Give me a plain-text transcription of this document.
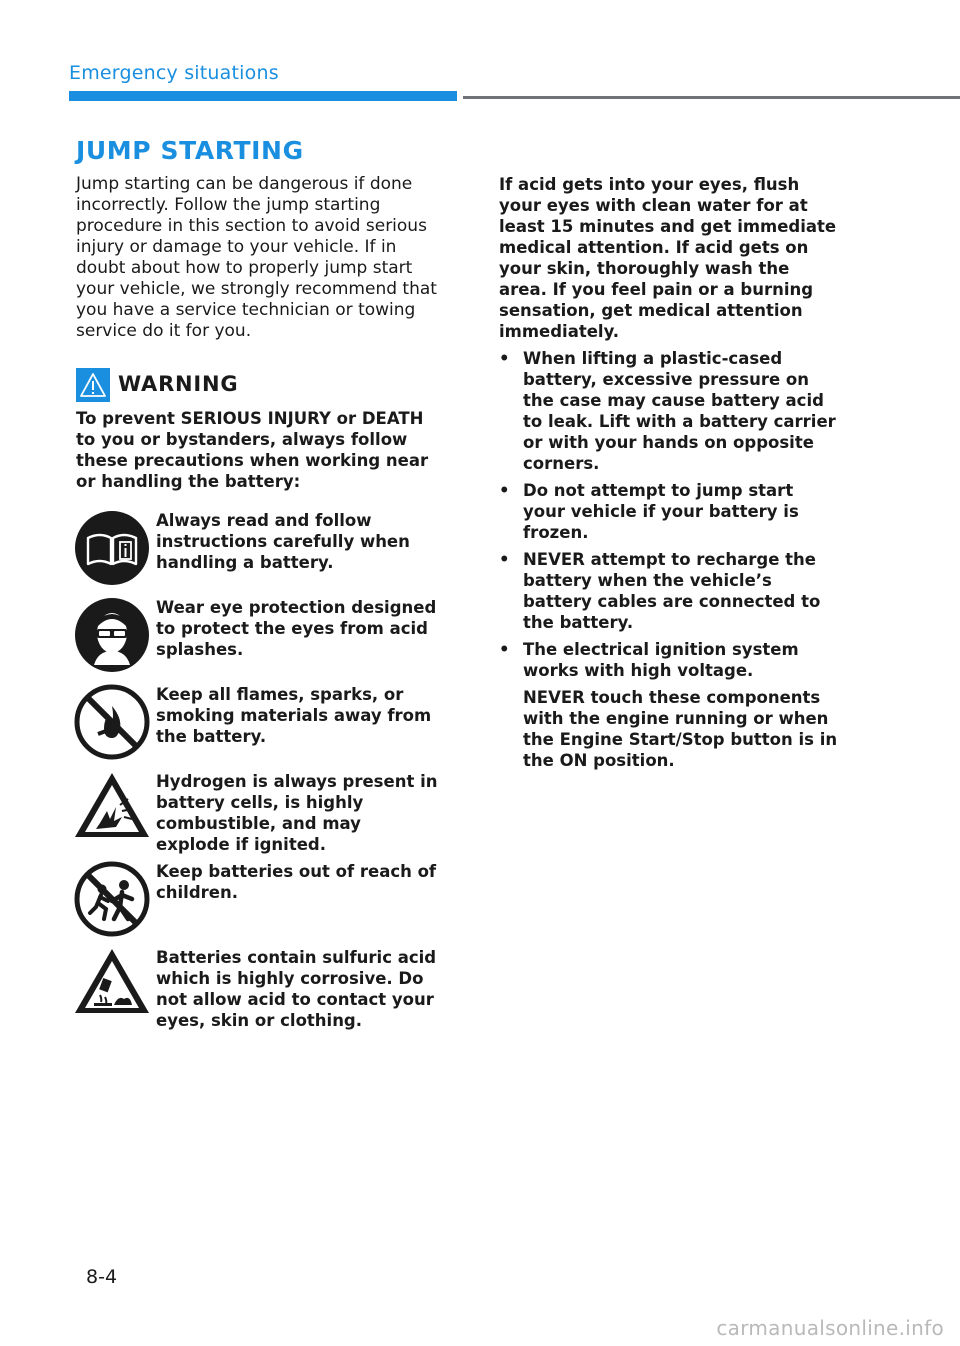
Emergency situations
JUMP STARTING
Jump starting can be dangerous if done incorrectly. Follow the jump starting procedure in this section to avoid serious injury or damage to your vehicle. If in doubt about how to properly jump start your vehicle, we strongly recommend that you have a service technician or towing service do it for you.
WARNING
To prevent SERIOUS INJURY or DEATH to you or bystanders, always follow these precautions when working near or handling the battery:
Always read and follow instructions carefully when handling a battery.
Wear eye protection designed to protect the eyes from acid splashes.
Keep all flames, sparks, or smoking materials away from the battery.
Hydrogen is always present in battery cells, is highly combustible, and may explode if ignited.
Keep batteries out of reach of children.
Batteries contain sulfuric acid which is highly corrosive. Do not allow acid to contact your eyes, skin or clothing.

If acid gets into your eyes, flush your eyes with clean water for at least 15 minutes and get immediate medical attention. If acid gets on your skin, thoroughly wash the area. If you feel pain or a burning sensation, get medical attention immediately.

• When lifting a plastic-cased battery, excessive pressure on the case may cause battery acid to leak. Lift with a battery carrier or with your hands on opposite corners.
• Do not attempt to jump start your vehicle if your battery is frozen.
• NEVER attempt to recharge the battery when the vehicle’s battery cables are connected to the battery.
• The electrical ignition system works with high voltage.
NEVER touch these components with the engine running or when the Engine Start/Stop button is in the ON position.
8-4
carmanualsonline.info
